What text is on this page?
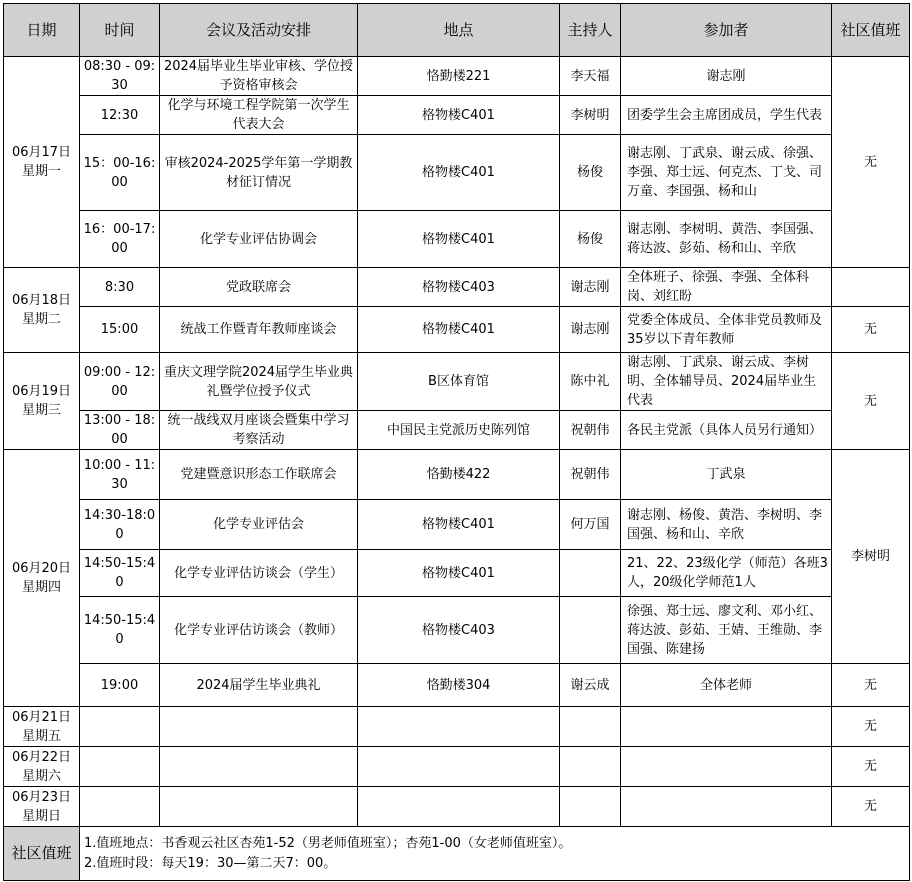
日期	时间	会议及活动安排	地点	主持人	参加者	社区值班

06月17日
星期一	08:30 - 09:30	2024届毕业生毕业审核、学位授予资格审核会	恪勤楼221	李天福	谢志刚	无
	12:30	化学与环境工程学院第一次学生代表大会	格物楼C401	李树明	团委学生会主席团成员，学生代表	
	15：00-16:00	审核2024-2025学年第一学期教材征订情况	格物楼C401	杨俊	谢志刚、丁武泉、谢云成、徐强、李强、郑士远、何克杰、丁戈、司万童、李国强、杨和山	
	16：00-17:00	化学专业评估协调会	格物楼C401	杨俊	谢志刚、李树明、黄浩、李国强、蒋达波、彭茹、杨和山、辛欣	

06月18日
星期二	8:30	党政联席会	格物楼C403	谢志刚	全体班子、徐强、李强、全体科岗、刘红盼	
	15:00	统战工作暨青年教师座谈会	格物楼C401	谢志刚	党委全体成员、全体非党员教师及35岁以下青年教师	无

06月19日
星期三	09:00 - 12:00	重庆文理学院2024届学生毕业典礼暨学位授予仪式	B区体育馆	陈中礼	谢志刚、丁武泉、谢云成、李树明、全体辅导员、2024届毕业生代表	无
	13:00 - 18:00	统一战线双月座谈会暨集中学习考察活动	中国民主党派历史陈列馆	祝朝伟	各民主党派（具体人员另行通知）	

06月20日
星期四	10:00 - 11:30	党建暨意识形态工作联席会	恪勤楼422	祝朝伟	丁武泉	李树明
	14:30-18:00	化学专业评估会	格物楼C401	何万国	谢志刚、杨俊、黄浩、李树明、李国强、杨和山、辛欣	
	14:50-15:40	化学专业评估访谈会（学生）	格物楼C401		21、22、23级化学（师范）各班3人，20级化学师范1人	
	14:50-15:40	化学专业评估访谈会（教师）	格物楼C403		徐强、郑士远、廖文利、邓小红、蒋达波、彭茹、王婧、王维勋、李国强、陈建扬	
	19:00	2024届学生毕业典礼	恪勤楼304	谢云成	全体老师	无

06月21日
星期五						无

06月22日
星期六						无

06月23日
星期日						无
社区值班	1.值班地点：书香观云社区杏苑1-52（男老师值班室）；杏苑1-00（女老师值班室）。
2.值班时段：每天19：30—第二天7：00。					
